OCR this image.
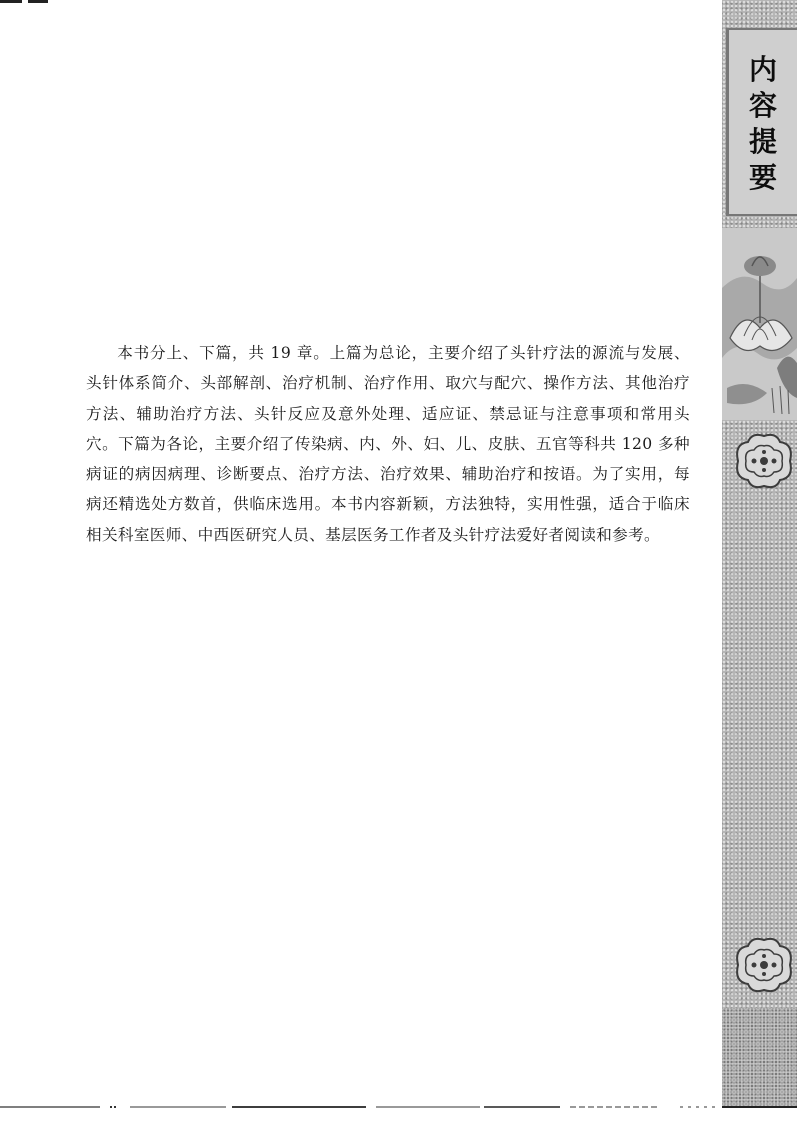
本书分上、下篇，共 19 章。上篇为总论，主要介绍了头针疗法的源流与发展、头针体系简介、头部解剖、治疗机制、治疗作用、取穴与配穴、操作方法、其他治疗方法、辅助治疗方法、头针反应及意外处理、适应证、禁忌证与注意事项和常用头穴。下篇为各论，主要介绍了传染病、内、外、妇、儿、皮肤、五官等科共 120 多种病证的病因病理、诊断要点、治疗方法、治疗效果、辅助治疗和按语。为了实用，每病还精选处方数首，供临床选用。本书内容新颖，方法独特，实用性强，适合于临床相关科室医师、中西医研究人员、基层医务工作者及头针疗法爱好者阅读和参考。

内
容
提
要
